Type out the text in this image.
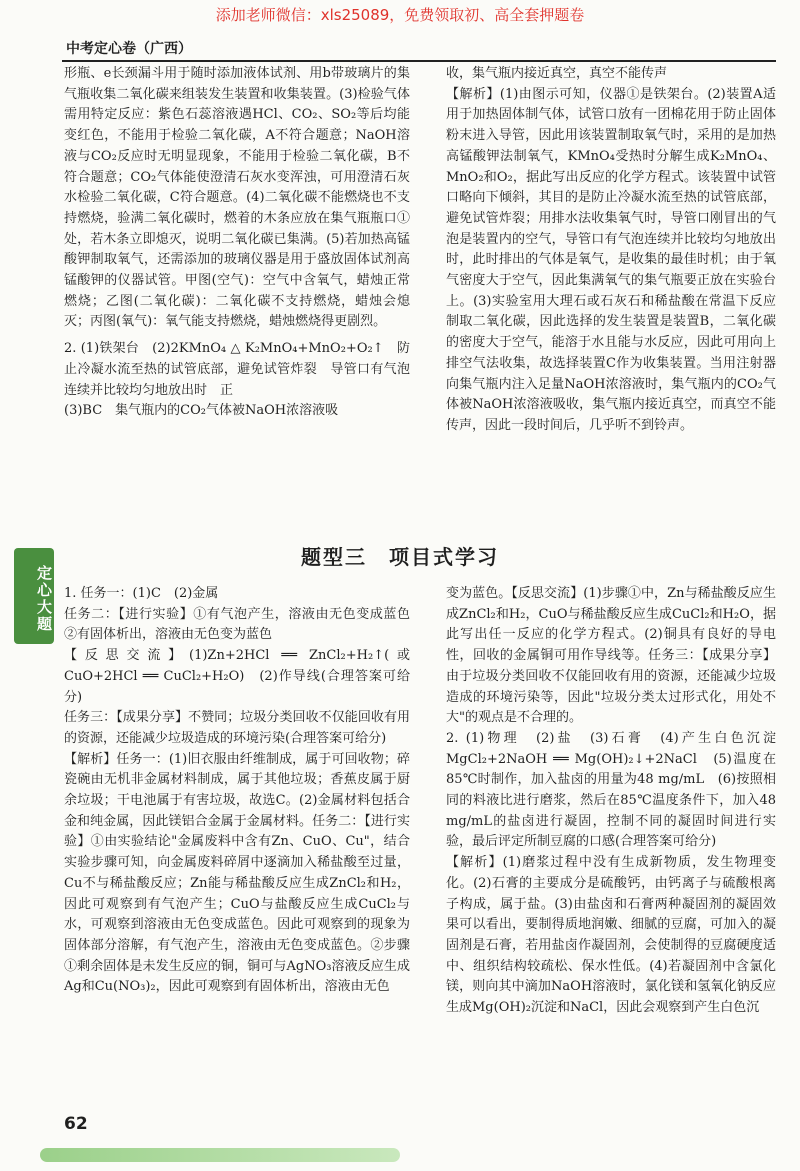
添加老师微信：xls25089，免费领取初、高全套押题卷
中考定心卷（广西）

形瓶、e长颈漏斗用于随时添加液体试剂、用b带玻璃片的集气瓶收集二氧化碳来组装发生装置和收集装置。(3)检验气体需用特定反应：紫色石蕊溶液遇HCl、CO₂、SO₂等后均能变红色，不能用于检验二氧化碳，A不符合题意；NaOH溶液与CO₂反应时无明显现象，不能用于检验二氧化碳，B不符合题意；CO₂气体能使澄清石灰水变浑浊，可用澄清石灰水检验二氧化碳，C符合题意。(4)二氧化碳不能燃烧也不支持燃烧，验满二氧化碳时，燃着的木条应放在集气瓶瓶口①处，若木条立即熄灭，说明二氧化碳已集满。(5)若加热高锰酸钾制取氧气，还需添加的玻璃仪器是用于盛放固体试剂高锰酸钾的仪器试管。甲图(空气)：空气中含氧气，蜡烛正常燃烧；乙图(二氧化碳)：二氧化碳不支持燃烧，蜡烛会熄灭；丙图(氧气)：氧气能支持燃烧，蜡烛燃烧得更剧烈。

2. (1)铁架台　(2)2KMnO₄ △ K₂MnO₄+MnO₂+O₂↑　防止冷凝水流至热的试管底部，避免试管炸裂　导管口有气泡连续并比较均匀地放出时　正

(3)BC　集气瓶内的CO₂气体被NaOH浓溶液吸

收，集气瓶内接近真空，真空不能传声

【解析】(1)由图示可知，仪器①是铁架台。(2)装置A适用于加热固体制气体，试管口放有一团棉花用于防止固体粉末进入导管，因此用该装置制取氧气时，采用的是加热高锰酸钾法制氧气，KMnO₄受热时分解生成K₂MnO₄、MnO₂和O₂，据此写出反应的化学方程式。该装置中试管口略向下倾斜，其目的是防止冷凝水流至热的试管底部，避免试管炸裂；用排水法收集氧气时，导管口刚冒出的气泡是装置内的空气，导管口有气泡连续并比较均匀地放出时，此时排出的气体是氧气，是收集的最佳时机；由于氧气密度大于空气，因此集满氧气的集气瓶要正放在实验台上。(3)实验室用大理石或石灰石和稀盐酸在常温下反应制取二氧化碳，因此选择的发生装置是装置B，二氧化碳的密度大于空气，能溶于水且能与水反应，因此可用向上排空气法收集，故选择装置C作为收集装置。当用注射器向集气瓶内注入足量NaOH浓溶液时，集气瓶内的CO₂气体被NaOH浓溶液吸收，集气瓶内接近真空，而真空不能传声，因此一段时间后，几乎听不到铃声。

题型三　项目式学习
定心大题 1. 任务一：(1)C　(2)金属

任务二：【进行实验】①有气泡产生，溶液由无色变成蓝色　②有固体析出，溶液由无色变为蓝色

【反思交流】(1)Zn+2HCl ══ ZnCl₂+H₂↑(或CuO+2HCl ══ CuCl₂+H₂O)　(2)作导线(合理答案可给分)

任务三：【成果分享】不赞同；垃圾分类回收不仅能回收有用的资源，还能减少垃圾造成的环境污染(合理答案可给分)

【解析】任务一：(1)旧衣服由纤维制成，属于可回收物；碎瓷碗由无机非金属材料制成，属于其他垃圾；香蕉皮属于厨余垃圾；干电池属于有害垃圾，故选C。(2)金属材料包括合金和纯金属，因此镁铝合金属于金属材料。任务二：【进行实验】①由实验结论"金属废料中含有Zn、CuO、Cu"，结合实验步骤可知，向金属废料碎屑中逐滴加入稀盐酸至过量，Cu不与稀盐酸反应；Zn能与稀盐酸反应生成ZnCl₂和H₂，因此可观察到有气泡产生；CuO与盐酸反应生成CuCl₂与水，可观察到溶液由无色变成蓝色。因此可观察到的现象为固体部分溶解，有气泡产生，溶液由无色变成蓝色。②步骤①剩余固体是未发生反应的铜，铜可与AgNO₃溶液反应生成Ag和Cu(NO₃)₂，因此可观察到有固体析出，溶液由无色

变为蓝色。【反思交流】(1)步骤①中，Zn与稀盐酸反应生成ZnCl₂和H₂，CuO与稀盐酸反应生成CuCl₂和H₂O，据此写出任一反应的化学方程式。(2)铜具有良好的导电性，回收的金属铜可用作导线等。任务三：【成果分享】由于垃圾分类回收不仅能回收有用的资源，还能减少垃圾造成的环境污染等，因此"垃圾分类太过形式化，用处不大"的观点是不合理的。

2. (1)物理　(2)盐　(3)石膏　(4)产生白色沉淀　MgCl₂+2NaOH ══ Mg(OH)₂↓+2NaCl　(5)温度在85℃时制作，加入盐卤的用量为48 mg/mL　(6)按照相同的料液比进行磨浆，然后在85℃温度条件下，加入48 mg/mL的盐卤进行凝固，控制不同的凝固时间进行实验，最后评定所制豆腐的口感(合理答案可给分)

【解析】(1)磨浆过程中没有生成新物质，发生物理变化。(2)石膏的主要成分是硫酸钙，由钙离子与硫酸根离子构成，属于盐。(3)由盐卤和石膏两种凝固剂的凝固效果可以看出，要制得质地润嫩、细腻的豆腐，可加入的凝固剂是石膏，若用盐卤作凝固剂，会使制得的豆腐硬度适中、组织结构较疏松、保水性低。(4)若凝固剂中含氯化镁，则向其中滴加NaOH溶液时，氯化镁和氢氧化钠反应生成Mg(OH)₂沉淀和NaCl，因此会观察到产生白色沉

62
